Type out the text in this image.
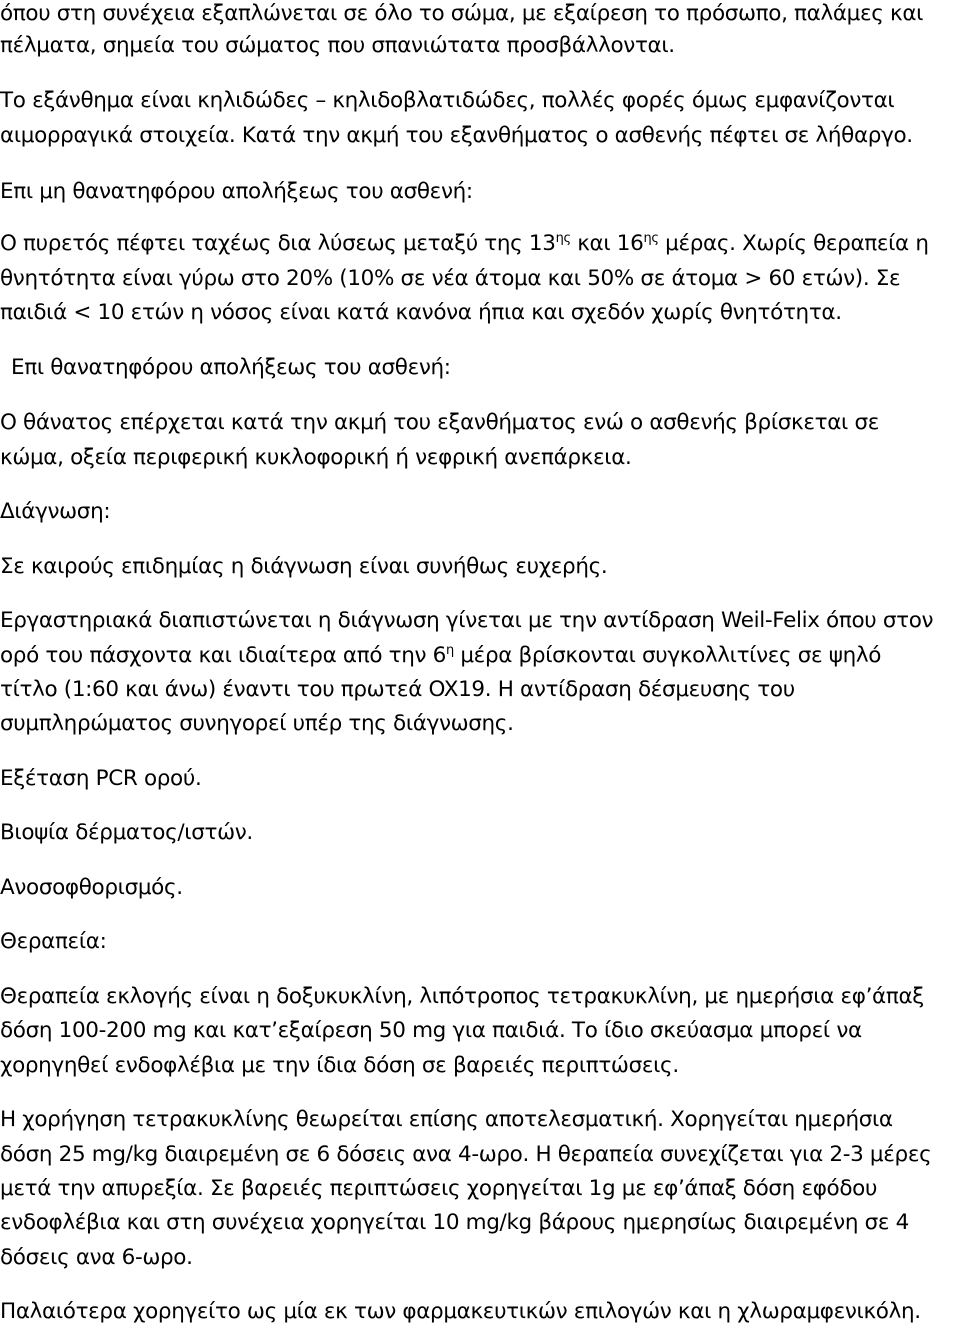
όπου στη συνέχεια εξαπλώνεται σε όλο το σώμα, με εξαίρεση το πρόσωπο, παλάμες και

πέλματα, σημεία του σώματος που σπανιώτατα προσβάλλονται.

Το εξάνθημα είναι κηλιδώδες – κηλιδοβλατιδώδες, πολλές φορές όμως εμφανίζονται

αιμορραγικά στοιχεία. Κατά την ακμή του εξανθήματος ο ασθενής πέφτει σε λήθαργο.

Επι μη θανατηφόρου απολήξεως του ασθενή:

Ο πυρετός πέφτει ταχέως δια λύσεως μεταξύ της $13^{\eta\varsigma}$ και $16^{\eta\varsigma}$ μέρας. Χωρίς θεραπεία η

θνητότητα είναι γύρω στο 20% (10% σε νέα άτομα και 50% σε άτομα > 60 ετών). Σε

παιδιά < 10 ετών η νόσος είναι κατά κανόνα ήπια και σχεδόν χωρίς θνητότητα.

Επι θανατηφόρου απολήξεως του ασθενή:

Ο θάνατος επέρχεται κατά την ακμή του εξανθήματος ενώ ο ασθενής βρίσκεται σε

κώμα, οξεία περιφερική κυκλοφορική ή νεφρική ανεπάρκεια.

Διάγνωση:

Σε καιρούς επιδημίας η διάγνωση είναι συνήθως ευχερής.

Εργαστηριακά διαπιστώνεται η διάγνωση γίνεται με την αντίδραση Weil-Felix όπου στον

ορό του πάσχοντα και ιδιαίτερα από την $6^\eta$ μέρα βρίσκονται συγκολλιτίνες σε ψηλό

τίτλο (1:60 και άνω) έναντι του πρωτεά OX19. Η αντίδραση δέσμευσης του

συμπληρώματος συνηγορεί υπέρ της διάγνωσης.

Εξέταση PCR ορού.

Βιοψία δέρματος/ιστών.

Ανοσοφθορισμός.

Θεραπεία:

Θεραπεία εκλογής είναι η δοξυκυκλίνη, λιπότροπος τετρακυκλίνη, με ημερήσια εφ’άπαξ

δόση 100-200 mg και κατ’εξαίρεση 50 mg για παιδιά. Το ίδιο σκεύασμα μπορεί να

χορηγηθεί ενδοφλέβια με την ίδια δόση σε βαρειές περιπτώσεις.

Η χορήγηση τετρακυκλίνης θεωρείται επίσης αποτελεσματική. Χορηγείται ημερήσια

δόση 25 mg/kg διαιρεμένη σε 6 δόσεις ανα 4-ωρο. Η θεραπεία συνεχίζεται για 2-3 μέρες

μετά την απυρεξία. Σε βαρειές περιπτώσεις χορηγείται 1g με εφ’άπαξ δόση εφόδου

ενδοφλέβια και στη συνέχεια χορηγείται 10 mg/kg βάρους ημερησίως διαιρεμένη σε 4

δόσεις ανα 6-ωρο.

Παλαιότερα χορηγείτο ως μία εκ των φαρμακευτικών επιλογών και η χλωραμφενικόλη.
